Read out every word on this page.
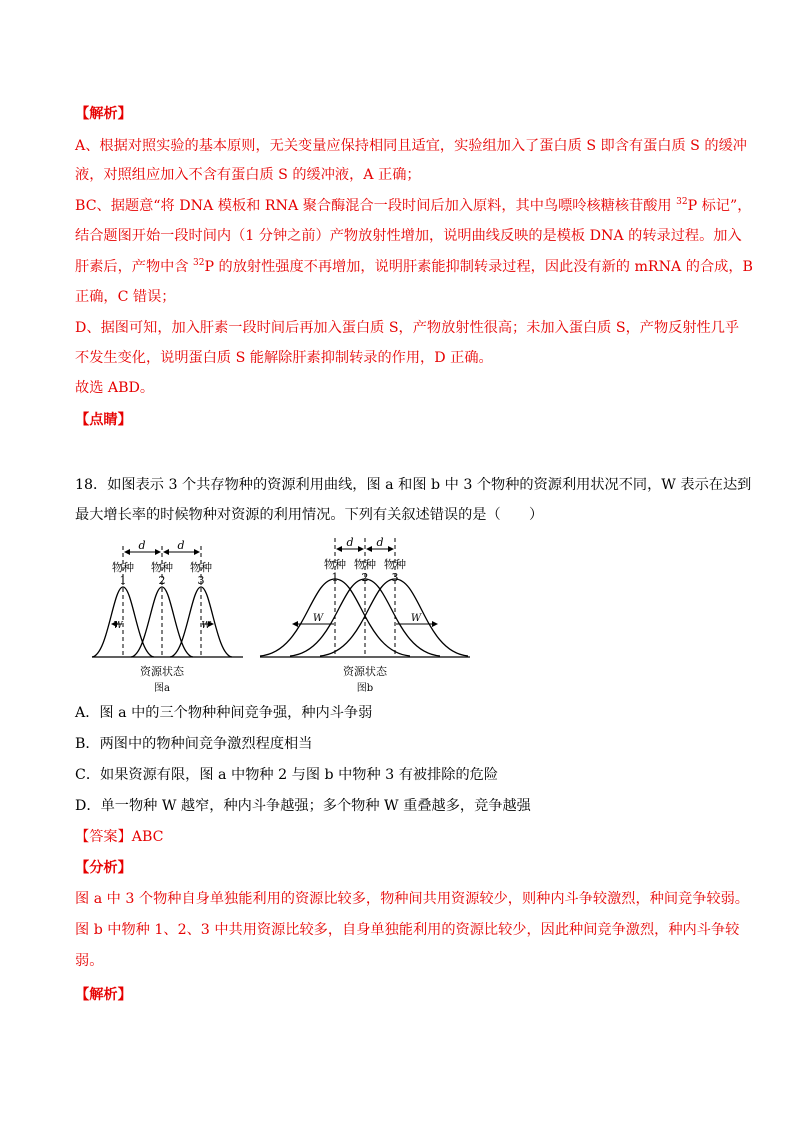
【解析】
A、根据对照实验的基本原则，无关变量应保持相同且适宜，实验组加入了蛋白质 S 即含有蛋白质 S 的缓冲
液，对照组应加入不含有蛋白质 S 的缓冲液，A 正确；
BC、据题意“将 DNA 模板和 RNA 聚合酶混合一段时间后加入原料，其中鸟嘌呤核糖核苷酸用 $^{32}$P 标记”，
结合题图开始一段时间内（1 分钟之前）产物放射性增加，说明曲线反映的是模板 DNA 的转录过程。加入
肝素后，产物中含 $^{32}$P 的放射性强度不再增加，说明肝素能抑制转录过程，因此没有新的 mRNA 的合成，B
正确，C 错误；
D、据图可知，加入肝素一段时间后再加入蛋白质 S，产物放射性很高；未加入蛋白质 S，产物反射性几乎
不发生变化，说明蛋白质 S 能解除肝素抑制转录的作用，D 正确。
故选 ABD。
【点睛】
18．如图表示 3 个共存物种的资源利用曲线，图 a 和图 b 中 3 个物种的资源利用状况不同，W 表示在达到
最大增长率的时候物种对资源的利用情况。下列有关叙述错误的是（　　）
d	d
物种 物种 物种
1	2	3
W	W
资源状态
图a
d d
物种 物种 物种
1 2 3
W	W
资源状态
图b
A．图 a 中的三个物种种间竞争强，种内斗争弱
B．两图中的物种间竞争激烈程度相当
C．如果资源有限，图 a 中物种 2 与图 b 中物种 3 有被排除的危险
D．单一物种 W 越窄，种内斗争越强；多个物种 W 重叠越多，竞争越强
【答案】ABC
【分析】
图 a 中 3 个物种自身单独能利用的资源比较多，物种间共用资源较少，则种内斗争较激烈，种间竞争较弱。
图 b 中物种 1、2、3 中共用资源比较多，自身单独能利用的资源比较少，因此种间竞争激烈，种内斗争较
弱。
【解析】
